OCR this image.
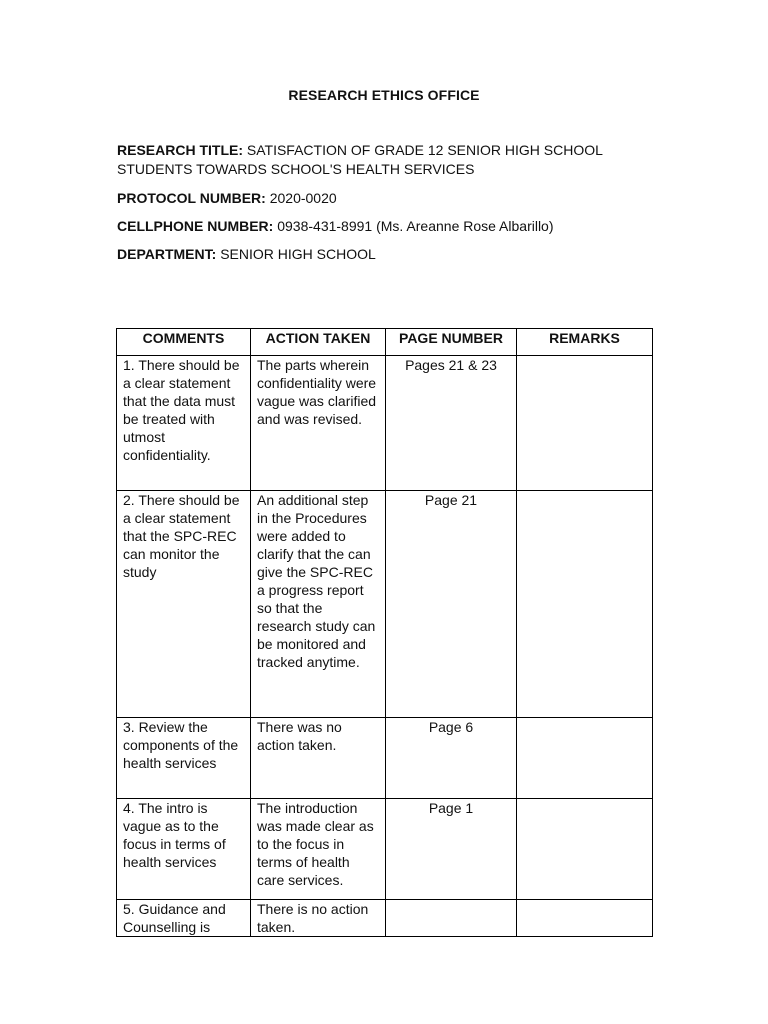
RESEARCH ETHICS OFFICE
RESEARCH TITLE: SATISFACTION OF GRADE 12 SENIOR HIGH SCHOOL STUDENTS TOWARDS SCHOOL'S HEALTH SERVICES
PROTOCOL NUMBER: 2020-0020
CELLPHONE NUMBER: 0938-431-8991 (Ms. Areanne Rose Albarillo)
DEPARTMENT: SENIOR HIGH SCHOOL
COMMENTS	ACTION TAKEN	PAGE NUMBER	REMARKS
1. There should be a clear statement that the data must be treated with utmost confidentiality.	The parts wherein confidentiality were vague was clarified and was revised.	Pages 21 & 23	
2. There should be a clear statement that the SPC-REC can monitor the study	An additional step in the Procedures were added to clarify that the can give the SPC-REC a progress report so that the research study can be monitored and tracked anytime.	Page 21	
3. Review the components of the health services	There was no action taken.	Page 6	
4. The intro is vague as to the focus in terms of health services	The introduction was made clear as to the focus in terms of health care services.	Page 1	
5. Guidance and Counselling is	There is no action taken.		
